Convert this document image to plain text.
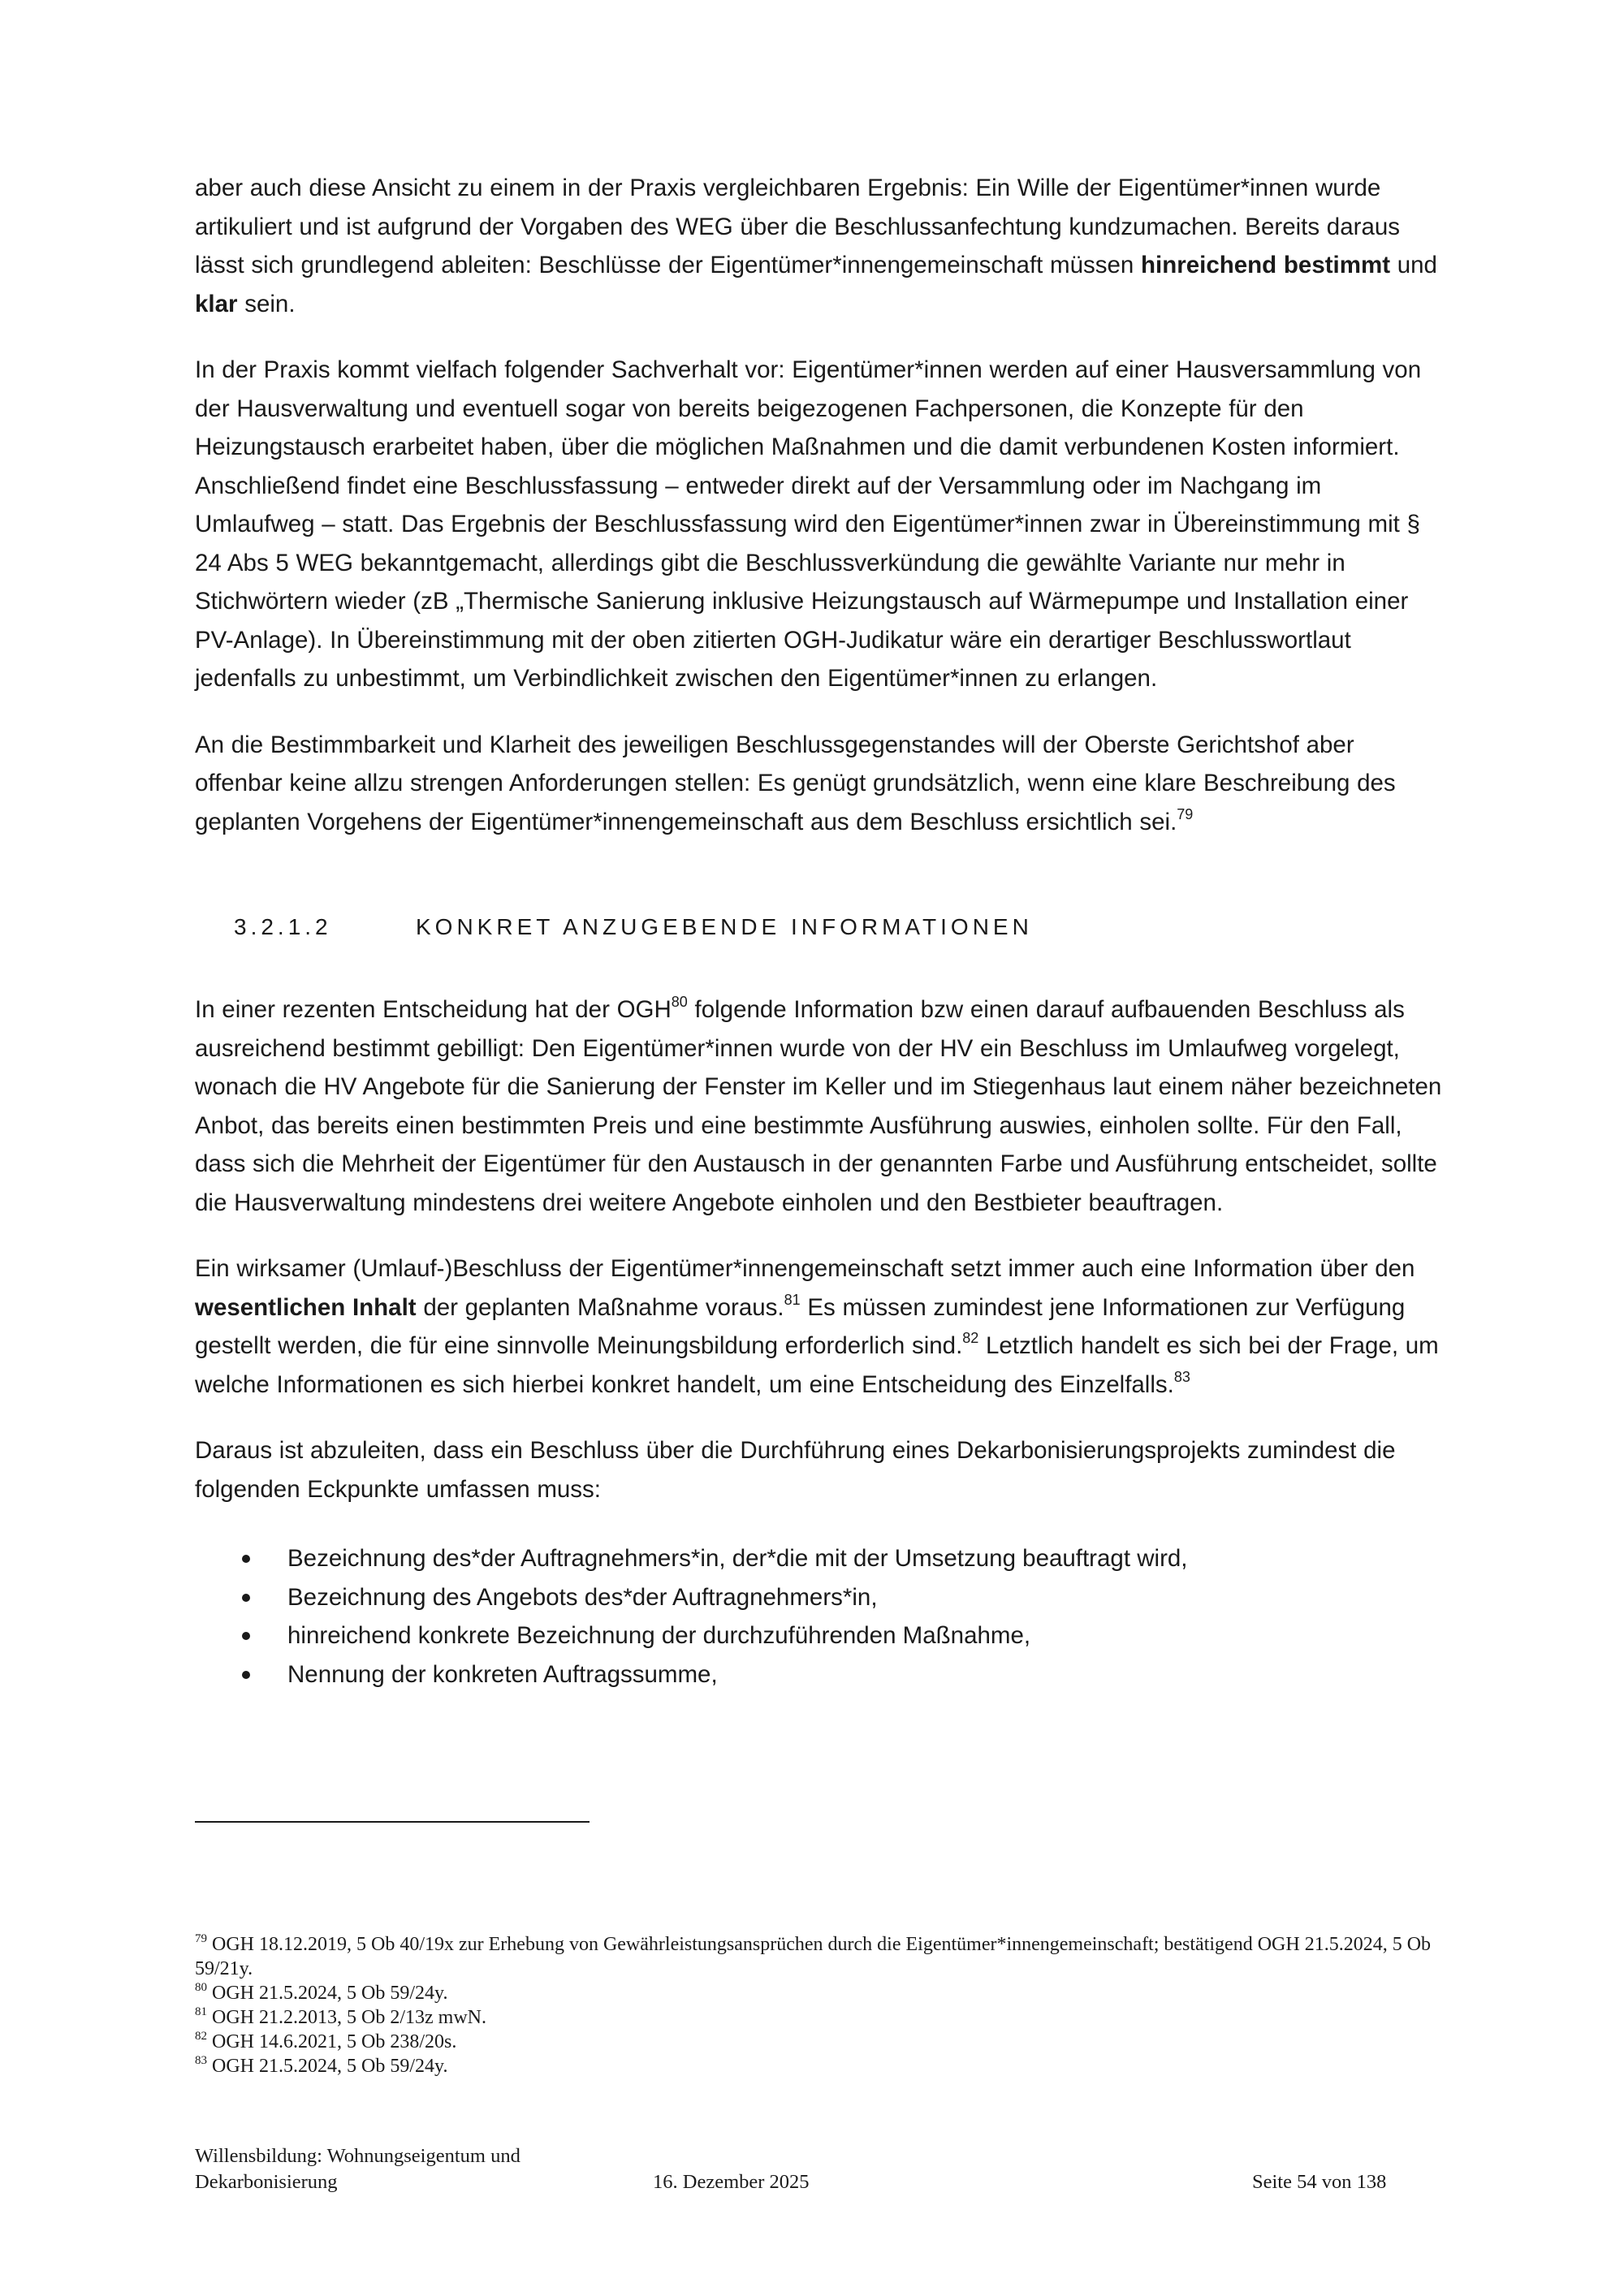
aber auch diese Ansicht zu einem in der Praxis vergleichbaren Ergebnis: Ein Wille der Eigentümer*innen wurde artikuliert und ist aufgrund der Vorgaben des WEG über die Beschlussanfechtung kundzumachen. Bereits daraus lässt sich grundlegend ableiten: Beschlüsse der Eigentümer*innengemeinschaft müssen hinreichend bestimmt und klar sein.

In der Praxis kommt vielfach folgender Sachverhalt vor: Eigentümer*innen werden auf einer Hausversammlung von der Hausverwaltung und eventuell sogar von bereits beigezogenen Fachpersonen, die Konzepte für den Heizungstausch erarbeitet haben, über die möglichen Maßnahmen und die damit verbundenen Kosten informiert. Anschließend findet eine Beschlussfassung – entweder direkt auf der Versammlung oder im Nachgang im Umlaufweg – statt. Das Ergebnis der Beschlussfassung wird den Eigentümer*innen zwar in Übereinstimmung mit § 24 Abs 5 WEG bekanntgemacht, allerdings gibt die Beschlussverkündung die gewählte Variante nur mehr in Stichwörtern wieder (zB „Thermische Sanierung inklusive Heizungstausch auf Wärmepumpe und Installation einer PV-Anlage). In Übereinstimmung mit der oben zitierten OGH-Judikatur wäre ein derartiger Beschlusswortlaut jedenfalls zu unbestimmt, um Verbindlichkeit zwischen den Eigentümer*innen zu erlangen.

An die Bestimmbarkeit und Klarheit des jeweiligen Beschlussgegenstandes will der Oberste Gerichtshof aber offenbar keine allzu strengen Anforderungen stellen: Es genügt grundsätzlich, wenn eine klare Beschreibung des geplanten Vorgehens der Eigentümer*innengemeinschaft aus dem Beschluss ersichtlich sei.$^{79}$

3.2.1.2	KONKRET ANZUGEBENDE INFORMATIONEN

In einer rezenten Entscheidung hat der OGH$^{80}$ folgende Information bzw einen darauf aufbauenden Beschluss als ausreichend bestimmt gebilligt: Den Eigentümer*innen wurde von der HV ein Beschluss im Umlaufweg vorgelegt, wonach die HV Angebote für die Sanierung der Fenster im Keller und im Stiegenhaus laut einem näher bezeichneten Anbot, das bereits einen bestimmten Preis und eine bestimmte Ausführung auswies, einholen sollte. Für den Fall, dass sich die Mehrheit der Eigentümer für den Austausch in der genannten Farbe und Ausführung entscheidet, sollte die Hausverwaltung mindestens drei weitere Angebote einholen und den Bestbieter beauftragen.

Ein wirksamer (Umlauf-)Beschluss der Eigentümer*innengemeinschaft setzt immer auch eine Information über den wesentlichen Inhalt der geplanten Maßnahme voraus.$^{81}$ Es müssen zumindest jene Informationen zur Verfügung gestellt werden, die für eine sinnvolle Meinungsbildung erforderlich sind.$^{82}$ Letztlich handelt es sich bei der Frage, um welche Informationen es sich hierbei konkret handelt, um eine Entscheidung des Einzelfalls.$^{83}$

Daraus ist abzuleiten, dass ein Beschluss über die Durchführung eines Dekarbonisierungsprojekts zumindest die folgenden Eckpunkte umfassen muss:

Bezeichnung des*der Auftragnehmers*in, der*die mit der Umsetzung beauftragt wird,
Bezeichnung des Angebots des*der Auftragnehmers*in,
hinreichend konkrete Bezeichnung der durchzuführenden Maßnahme,
Nennung der konkreten Auftragssumme,
$^{79}$ OGH 18.12.2019, 5 Ob 40/19x zur Erhebung von Gewährleistungsansprüchen durch die Eigentümer*innengemeinschaft; bestätigend OGH 21.5.2024, 5 Ob 59/21y.
$^{80}$ OGH 21.5.2024, 5 Ob 59/24y.
$^{81}$ OGH 21.2.2013, 5 Ob 2/13z mwN.
$^{82}$ OGH 14.6.2021, 5 Ob 238/20s.
$^{83}$ OGH 21.5.2024, 5 Ob 59/24y.
Willensbildung: Wohnungseigentum und Dekarbonisierung	16. Dezember 2025	Seite 54 von 138
